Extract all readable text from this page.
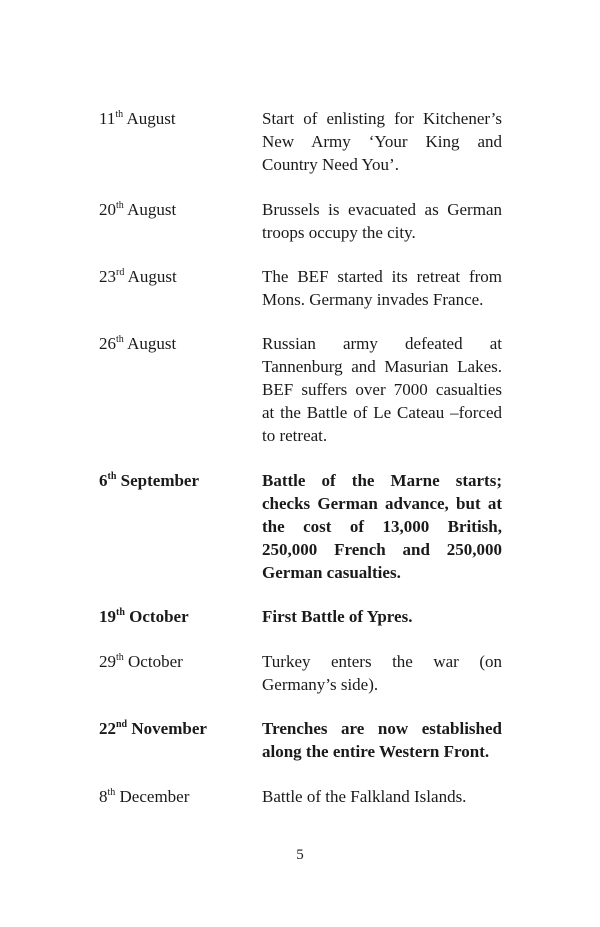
11th August	Start of enlisting for Kitchener’s New Army ‘Your King and Country Need You’.
20th August	Brussels is evacuated as German troops occupy the city.
23rd August	The BEF started its retreat from Mons. Germany invades France.
26th August	Russian army defeated at Tannenburg and Masurian Lakes. BEF suffers over 7000 casualties at the Battle of Le Cateau –forced to retreat.
6th September	Battle of the Marne starts; checks German advance, but at the cost of 13,000 British, 250,000 French and 250,000 German casualties.
19th October	First Battle of Ypres.
29th October	Turkey enters the war (on Germany’s side).
22nd November	Trenches are now established along the entire Western Front.
8th December	Battle of the Falkland Islands.
5
